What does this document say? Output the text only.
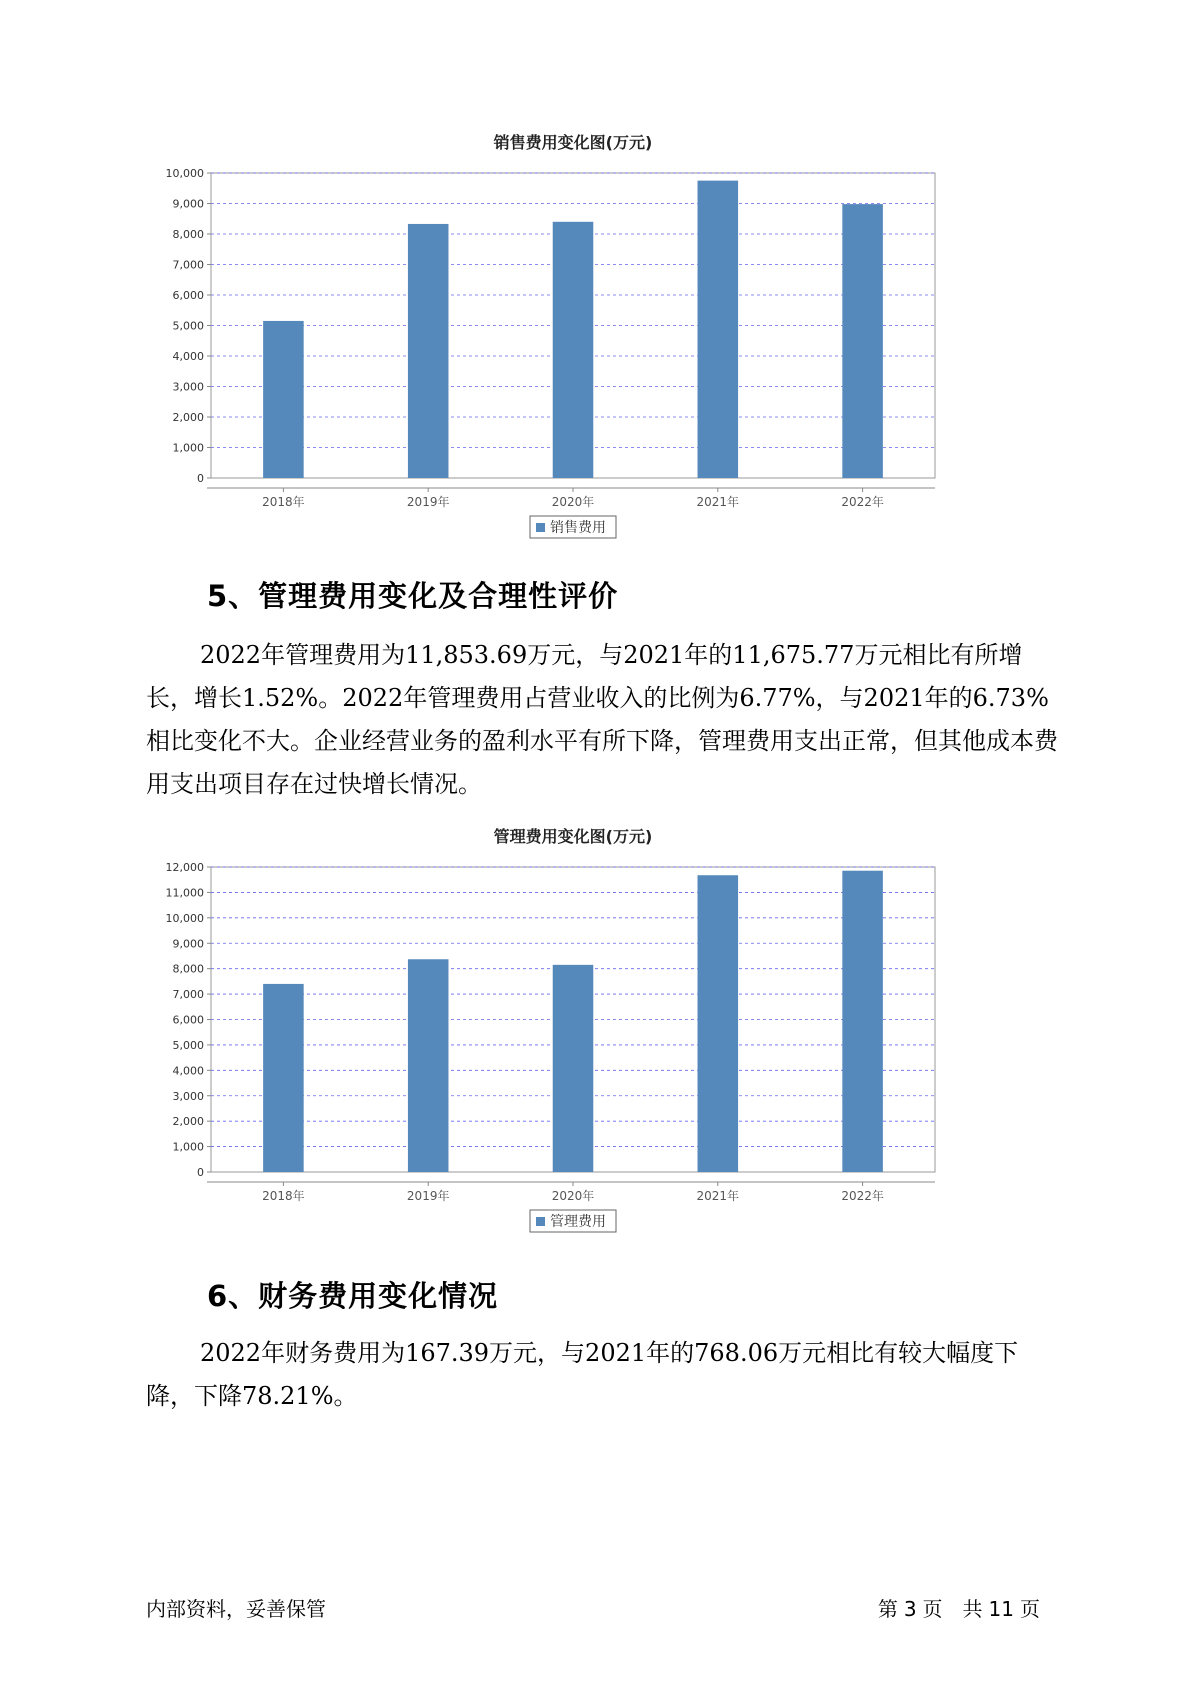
销售费用变化图(万元)
0
1,000
2,000
3,000
4,000
5,000
6,000
7,000
8,000
9,000
10,000
2018年	2019年	2020年	2021年	2022年
销售费用
5、管理费用变化及合理性评价
2022年管理费用为11,853.69万元，与2021年的11,675.77万元相比有所增长，增长1.52%。2022年管理费用占营业收入的比例为6.77%，与2021年的6.73%相比变化不大。企业经营业务的盈利水平有所下降，管理费用支出正常，但其他成本费用支出项目存在过快增长情况。
管理费用变化图(万元)
0
1,000
2,000
3,000
4,000
5,000
6,000
7,000
8,000
9,000
10,000
11,000
12,000
2018年	2019年	2020年	2021年	2022年
管理费用
6、财务费用变化情况
2022年财务费用为167.39万元，与2021年的768.06万元相比有较大幅度下降，下降78.21%。
内部资料，妥善保管	第 3 页　共 11 页
